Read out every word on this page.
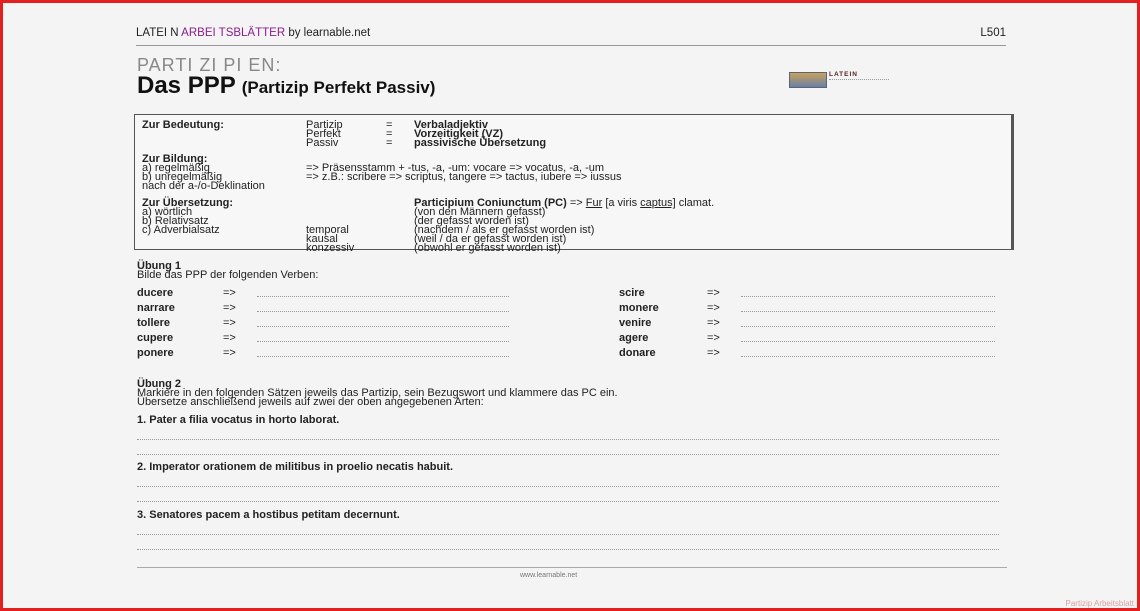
LATEI N ARBEI TSBLÄTTER by learnable.net	L501
PARTI ZI PI EN:
Das PPP (Partizip Perfekt Passiv)
LATEIN
Zur Bedeutung:	Partizip	= Verbaladjektiv
Perfekt	= Vorzeitigkeit (VZ)
Passiv	= passivische Übersetzung
Zur Bildung:
a) regelmäßig	=> Präsensstamm + -tus, -a, -um: vocare => vocatus, -a, -um
b) unregelmäßig	=> z.B.: scribere => scriptus, tangere => tactus, iubere => iussus
nach der a-/o-Deklination
Zur Übersetzung:	Participium Coniunctum (PC) => Fur [a viris captus] clamat.
a) wörtlich	(von den Männern gefasst)
b) Relativsatz	(der gefasst worden ist)
c) Adverbialsatz	temporal	(nachdem / als er gefasst worden ist)
kausal	(weil / da er gefasst worden ist)
konzessiv	(obwohl er gefasst worden ist)
Übung 1
Bilde das PPP der folgenden Verben:
ducere	=>	scire	=>
narrare	=>	monere	=>
tollere	=>	venire	=>
cupere	=>	agere	=>
ponere	=>	donare	=>
Übung 2
Markiere in den folgenden Sätzen jeweils das Partizip, sein Bezugswort und klammere das PC ein.
Übersetze anschließend jeweils auf zwei der oben angegebenen Arten:
1. Pater a filia vocatus in horto laborat.
2. Imperator orationem de militibus in proelio necatis habuit.
3. Senatores pacem a hostibus petitam decernunt.
www.learnable.net
Partizip Arbeitsblatt
